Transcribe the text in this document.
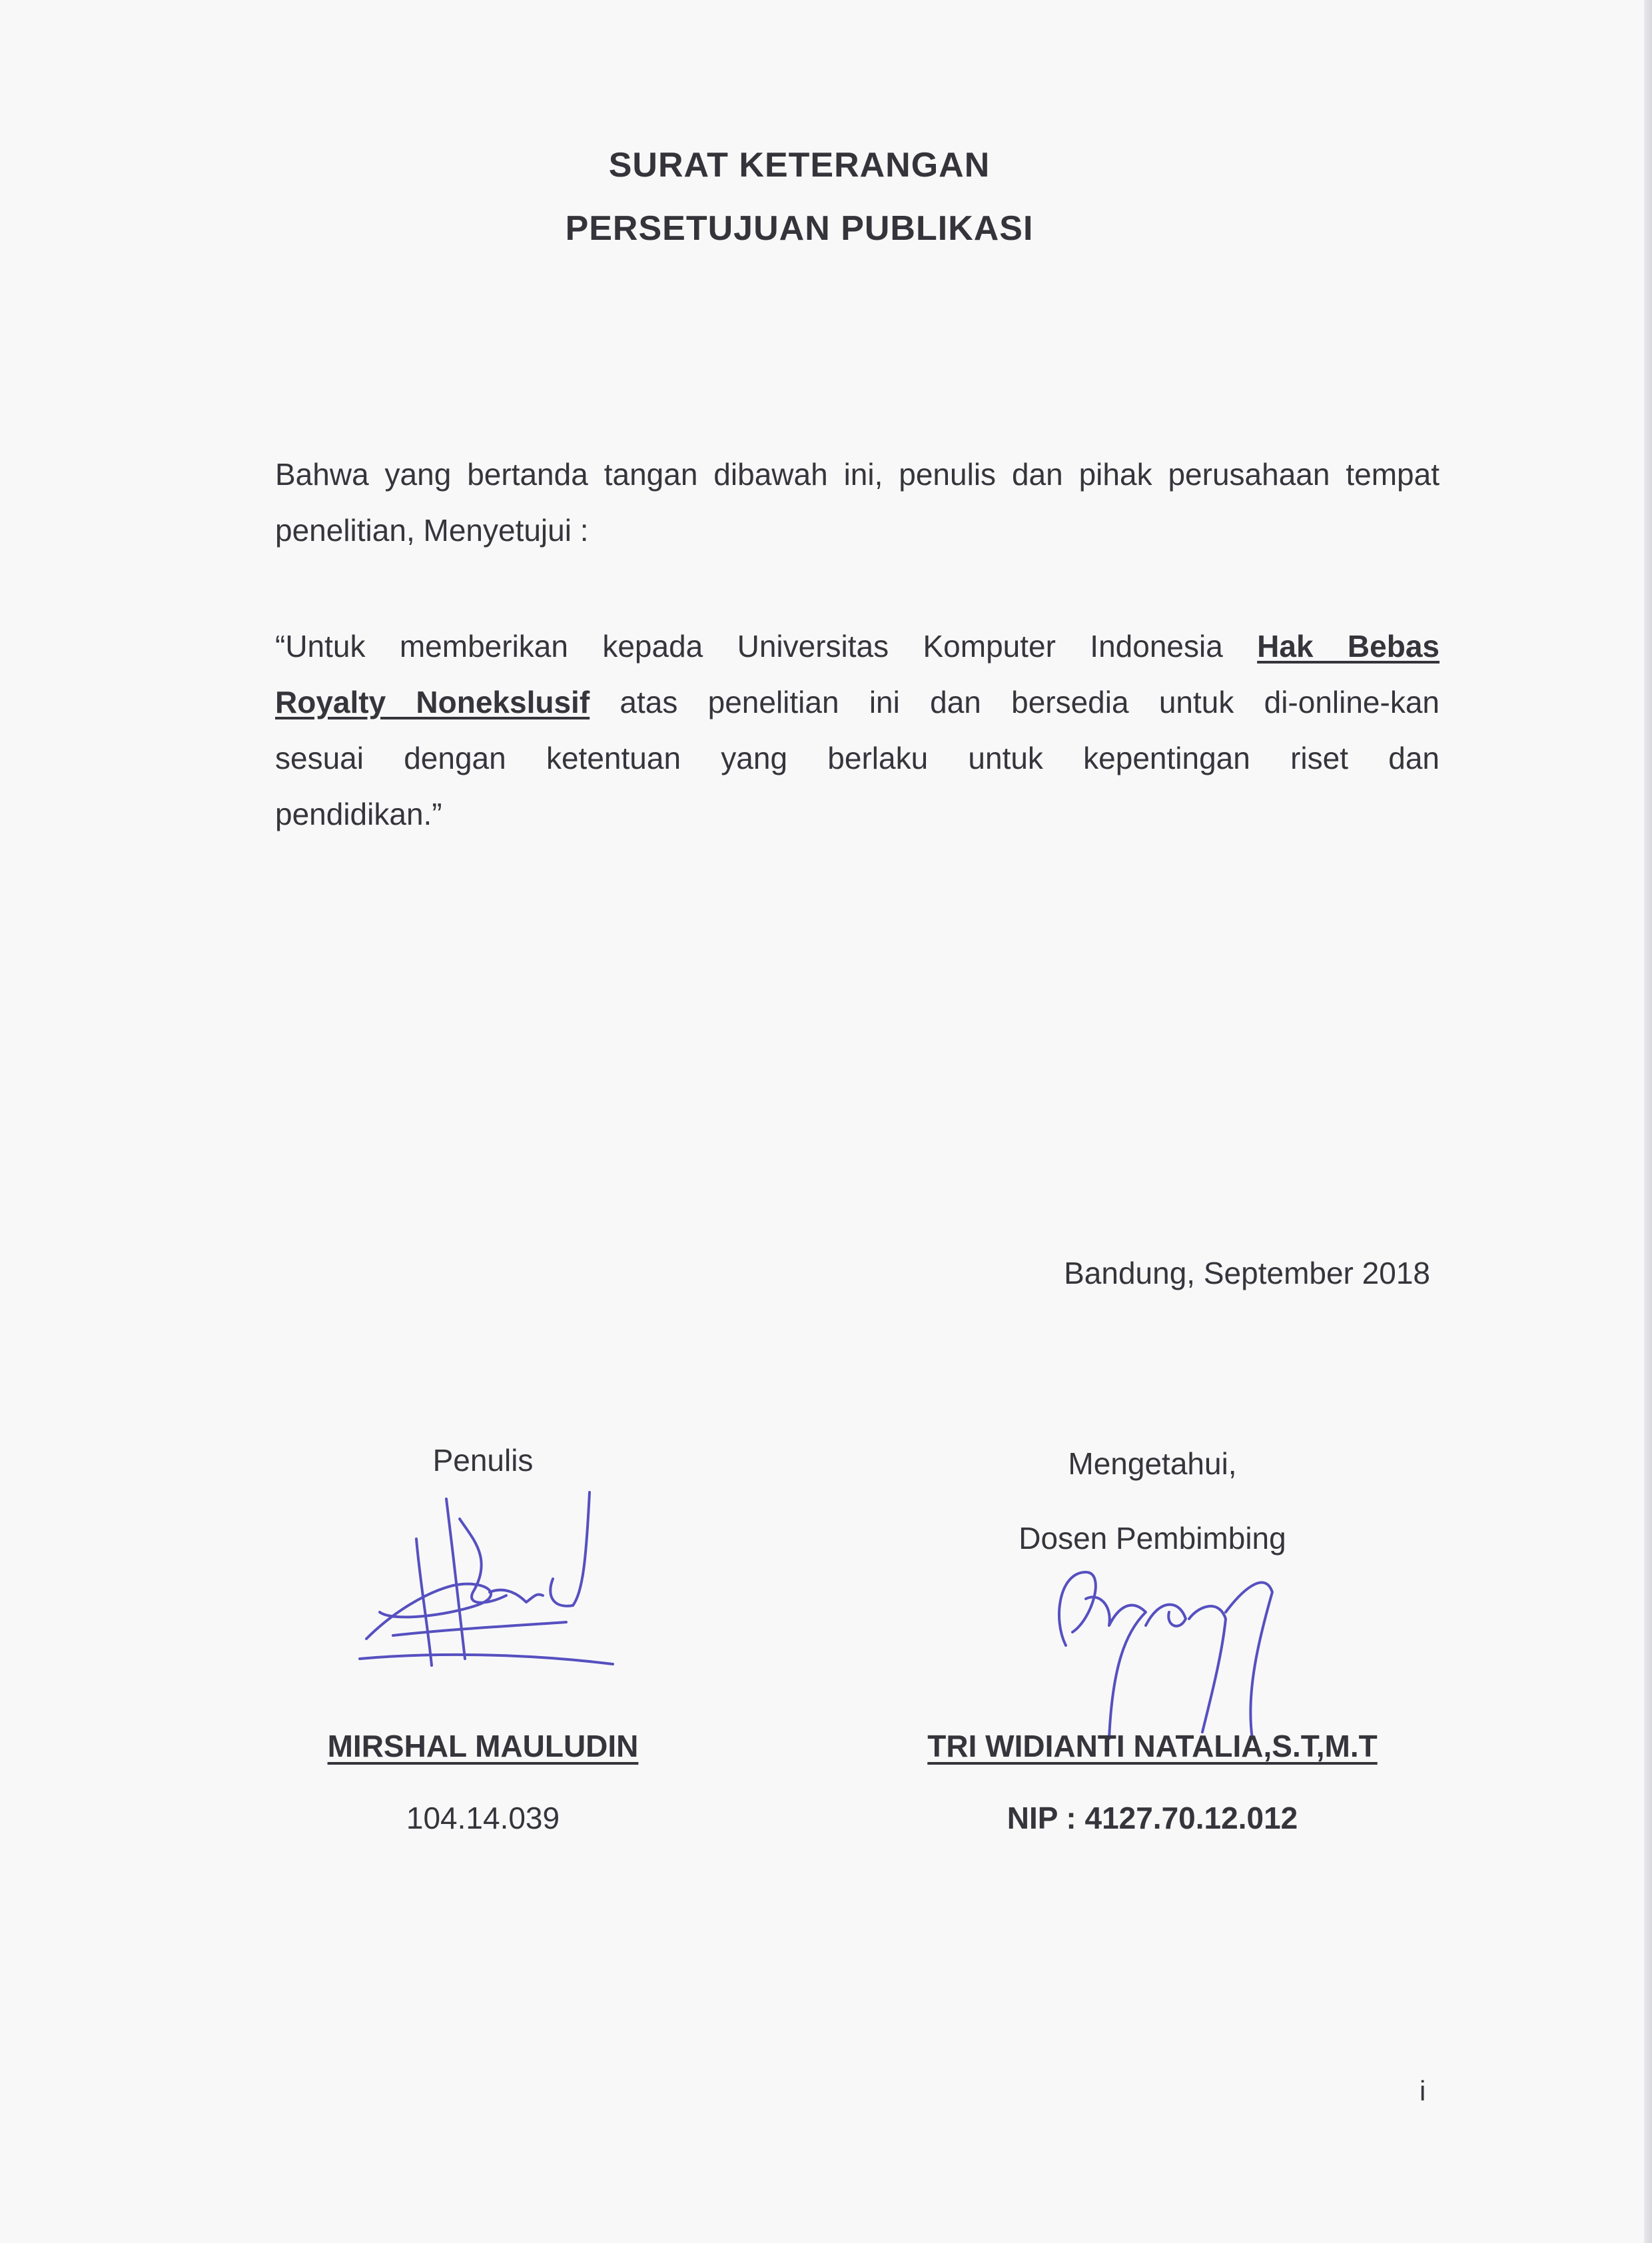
SURAT KETERANGAN
PERSETUJUAN PUBLIKASI
Bahwa yang bertanda tangan dibawah ini, penulis dan pihak perusahaan tempat penelitian, Menyetujui :
“Untuk memberikan kepada Universitas Komputer Indonesia Hak Bebas
Royalty Nonekslusif atas penelitian ini dan bersedia untuk di-online-kan
sesuai dengan ketentuan yang berlaku untuk kepentingan riset dan
pendidikan.”
Bandung, September 2018
Penulis
MIRSHAL MAULUDIN
104.14.039
Mengetahui,
Dosen Pembimbing
TRI WIDIANTI NATALIA,S.T,M.T
NIP : 4127.70.12.012
i
